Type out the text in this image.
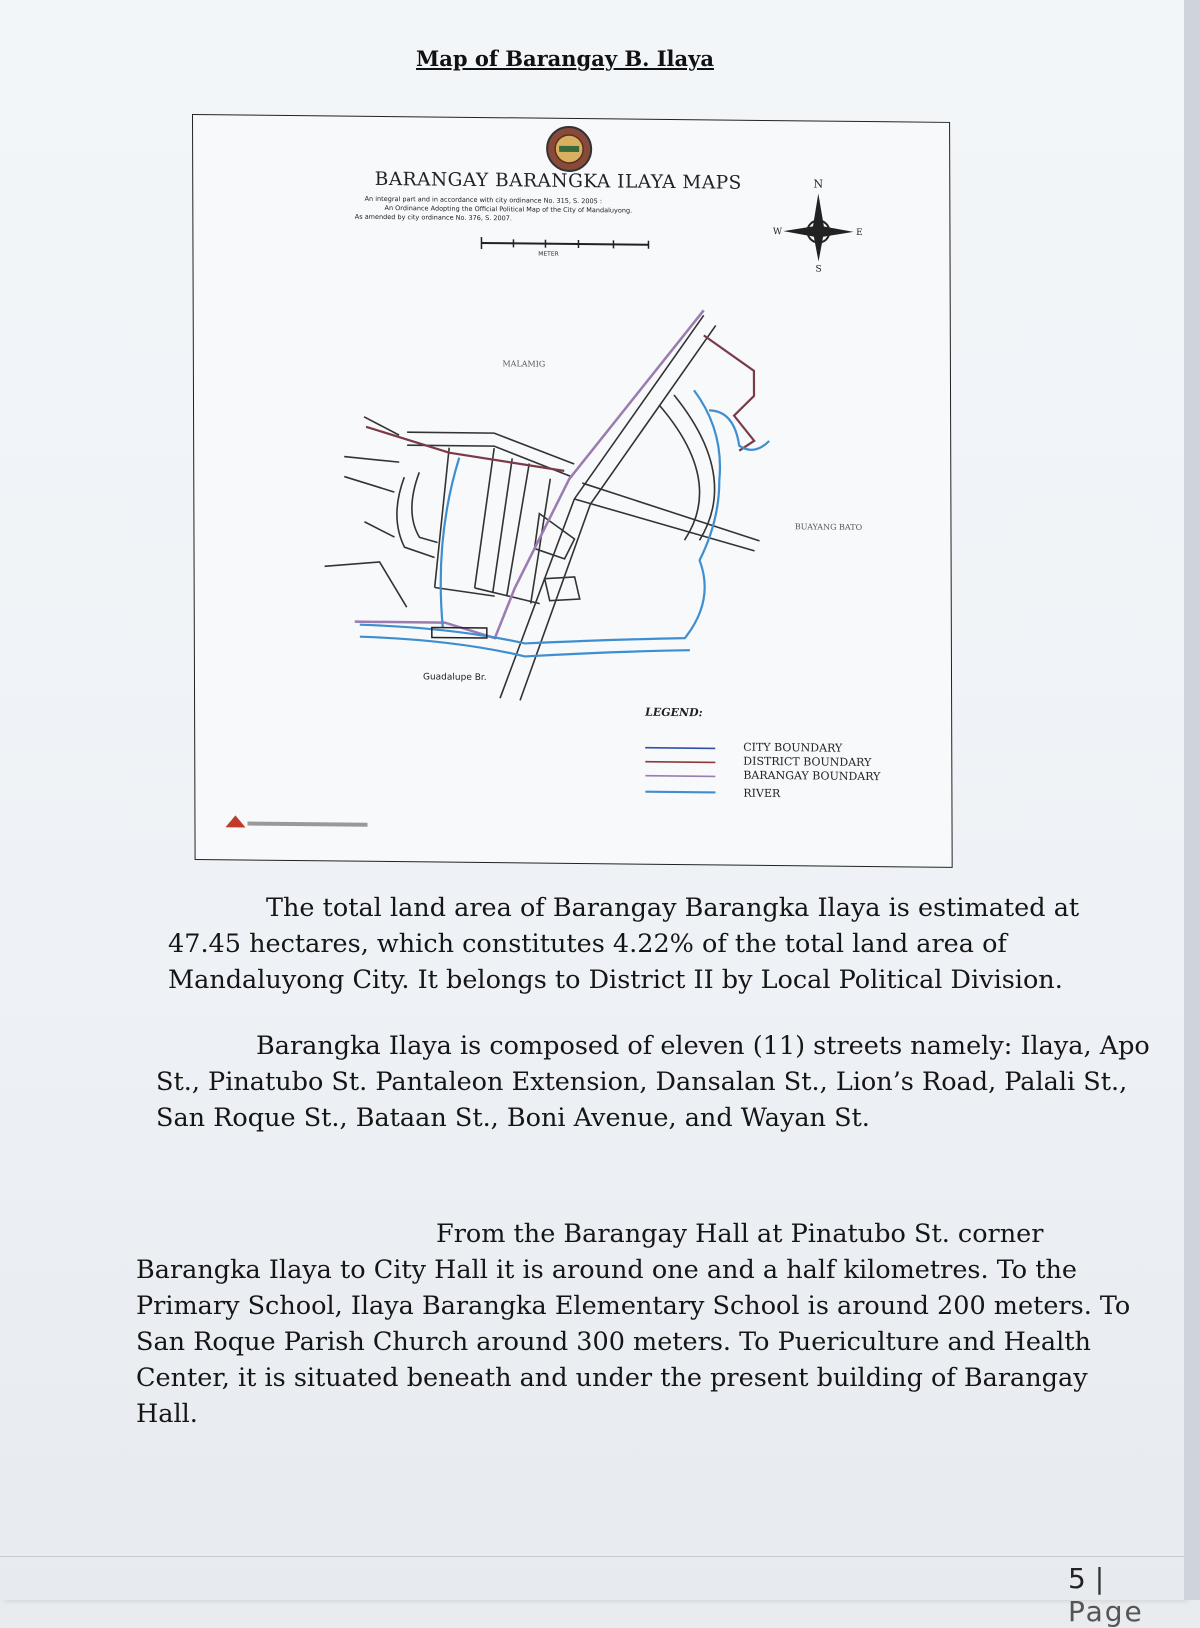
Map of Barangay B. Ilaya
BARANGAY BARANGKA ILAYA MAPS
An integral part and in accordance with city ordinance No. 315, S. 2005 :
An Ordinance Adopting the Official Political Map of the City of Mandaluyong.
As amended by city ordinance No. 376, S. 2007.
N
S
W	E
METER
MALAMIG
BUAYANG BATO
Guadalupe Br.
LEGEND:
CITY BOUNDARY
DISTRICT BOUNDARY
BARANGAY BOUNDARY
RIVER

The total land area of Barangay Barangka Ilaya is estimated at 47.45 hectares, which constitutes 4.22% of the total land area of Mandaluyong City. It belongs to District II by Local Political Division.

Barangka Ilaya is composed of eleven (11) streets namely: Ilaya, Apo St., Pinatubo St. Pantaleon Extension, Dansalan St., Lion’s Road, Palali St., San Roque St., Bataan St., Boni Avenue, and Wayan St.

From the Barangay Hall at Pinatubo St. corner Barangka Ilaya to City Hall it is around one and a half kilometres. To the Primary School, Ilaya Barangka Elementary School is around 200 meters. To San Roque Parish Church around 300 meters. To Puericulture and Health Center, it is situated beneath and under the present building of Barangay Hall.

5 | Page
